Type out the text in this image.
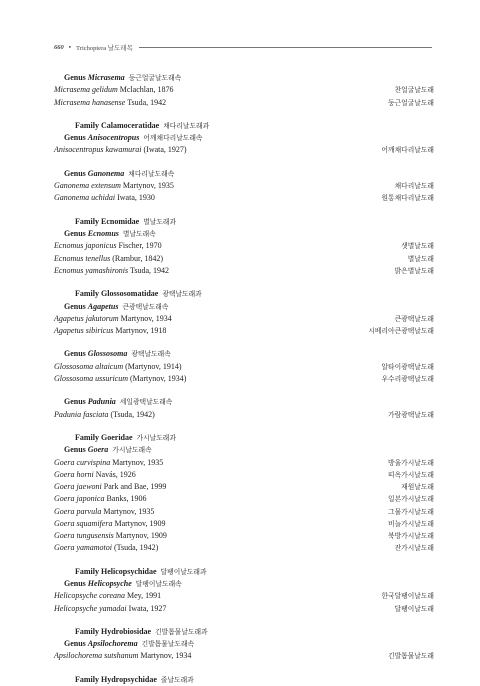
660 • Trichoptera 날도래목
Genus Micrasema 둥근얼굴날도래속
Micrasema gelidum Mclachlan, 1876	찬얼굴날도래
Micrasema hanasense Tsuda, 1942	둥근얼굴날도래
Family Calamoceratidae 채다리날도래과
Genus Anisocentropus 어깨채다리날도래속
Anisocentropus kawamurai (Iwata, 1927)	어깨채다리날도래
Genus Ganonema 채다리날도래속
Ganonema extensum Martynov, 1935	채다리날도래
Ganonema uchidai Iwata, 1930	원통채다리날도래
Family Ecnomidae 별날도래과
Genus Ecnomus 별날도래속
Ecnomus japonicus Fischer, 1970	샛별날도래
Ecnomus tenellus (Rambur, 1842)	별날도래
Ecnomus yamashironis Tsuda, 1942	밝은별날도래
Family Glossosomatidae 광택날도래과
Genus Agapetus 큰광택날도래속
Agapetus jakutorum Martynov, 1934	큰광택날도래
Agapetus sibiricus Martynov, 1918	시베리아큰광택날도래
Genus Glossosoma 광택날도래속
Glossosoma altaicum (Martynov, 1914)	알타이광택날도래
Glossosoma ussuricum (Martynov, 1934)	우수리광택날도래
Genus Padunia 세일광택날도래속
Padunia fasciata (Tsuda, 1942)	가람광택날도래
Family Goeridae 가시날도래과
Genus Goera 가시날도래속
Goera curvispina Martynov, 1935	방울가시날도래
Goera horni Navás, 1926	띠옥가시날도래
Goera jaewoni Park and Bae, 1999	재원날도래
Goera japonica Banks, 1906	일본가시날도래
Goera parvula Martynov, 1935	그물가시날도래
Goera squamifera Martynov, 1909	비늘가시날도래
Goera tungusensis Martynov, 1909	북방가시날도래
Goera yamamotoi (Tsuda, 1942)	잔가시날도래
Family Helicopsychidae 달팽이날도래과
Genus Helicopsyche 달팽이날도래속
Helicopsyche coreana Mey, 1991	한국달팽이날도래
Helicopsyche yamadai Iwata, 1927	달팽이날도래
Family Hydrobiosidae 긴발톱물날도래과
Genus Apsilochorema 긴발톱물날도래속
Apsilochorema sutshanum Martynov, 1934	긴발톱물날도래
Family Hydropsychidae 줄날도래과
